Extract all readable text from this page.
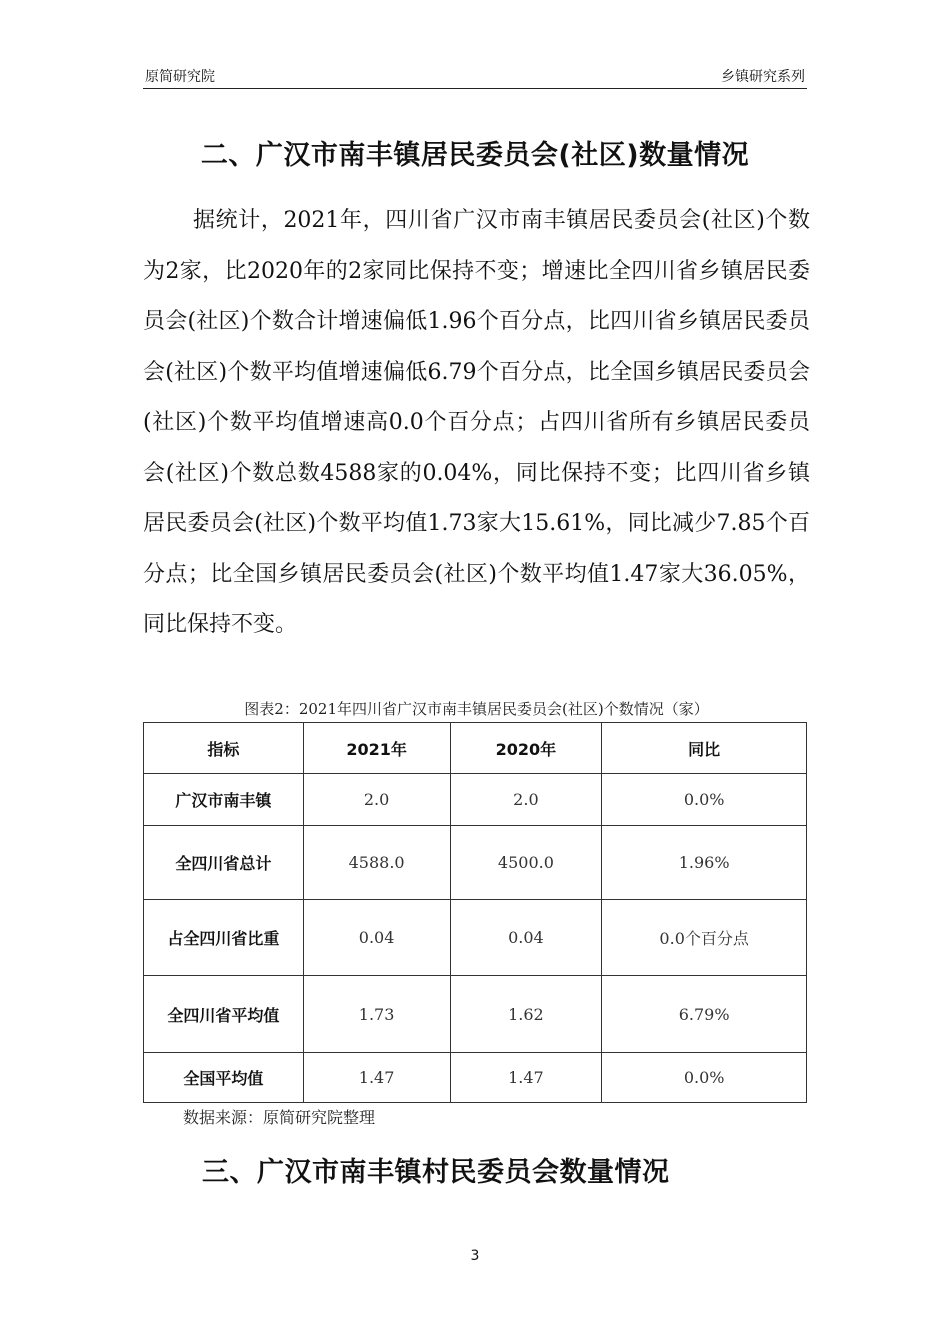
原简研究院	乡镇研究系列
二、广汉市南丰镇居民委员会(社区)数量情况

据统计，2021年，四川省广汉市南丰镇居民委员会(社区)个数为2家，比2020年的2家同比保持不变；增速比全四川省乡镇居民委员会(社区)个数合计增速偏低1.96个百分点，比四川省乡镇居民委员会(社区)个数平均值增速偏低6.79个百分点，比全国乡镇居民委员会(社区)个数平均值增速高0.0个百分点；占四川省所有乡镇居民委员会(社区)个数总数4588家的0.04%，同比保持不变；比四川省乡镇居民委员会(社区)个数平均值1.73家大15.61%，同比减少7.85个百分点；比全国乡镇居民委员会(社区)个数平均值1.47家大36.05%，同比保持不变。

图表2：2021年四川省广汉市南丰镇居民委员会(社区)个数情况（家）
指标	2021年	2020年	同比
广汉市南丰镇	2.0	2.0	0.0%
全四川省总计	4588.0	4500.0	1.96%
占全四川省比重	0.04	0.04	0.0个百分点
全四川省平均值	1.73	1.62	6.79%
全国平均值	1.47	1.47	0.0%
数据来源：原简研究院整理
三、广汉市南丰镇村民委员会数量情况
3
